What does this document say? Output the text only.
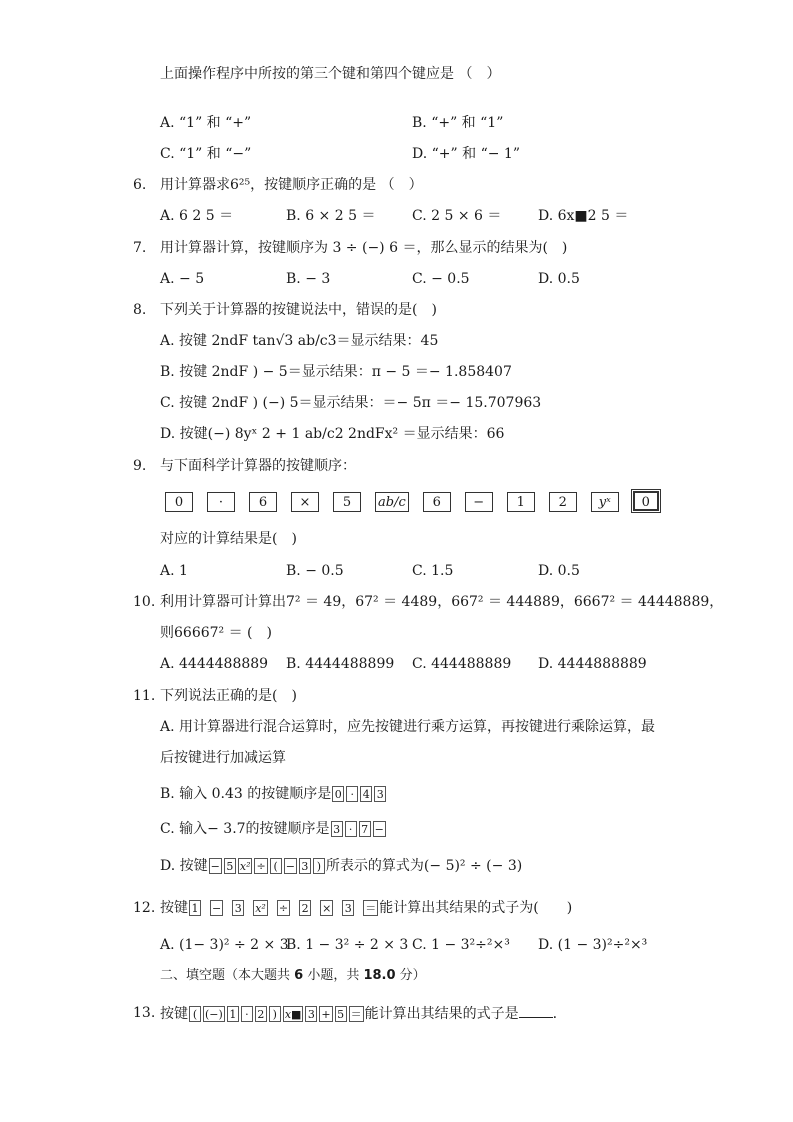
上面操作程序中所按的第三个键和第四个键应是 （　）
A. “1” 和 “+”	B. “+” 和 “1”
C. “1” 和 “−”	D. “+” 和 “− 1”
6. 用计算器求6²⁵，按键顺序正确的是 （　）
A. 6 2 5 ＝	B. 6 × 2 5 ＝	C. 2 5 × 6 ＝	D. 6x■2 5 ＝
7. 用计算器计算，按键顺序为 3 ÷ (−) 6 ＝，那么显示的结果为(　)
A. − 5	B. − 3	C. − 0.5	D. 0.5
8. 下列关于计算器的按键说法中，错误的是(　)
A. 按键 2ndF tan√3 ab/c3＝显示结果：45
B. 按键 2ndF ) − 5＝显示结果：π − 5 ＝− 1.858407
C. 按键 2ndF ) (−) 5＝显示结果：＝− 5π ＝− 15.707963
D. 按键(−) 8yˣ 2 + 1 ab/c2 2ndFx² ＝显示结果：66
9. 与下面科学计算器的按键顺序：
0	·	6 × 5 ab/c 6 − 1	2 yˣ 0
对应的计算结果是(　)
A. 1	B. − 0.5	C. 1.5	D. 0.5
10. 利用计算器可计算出7² ＝ 49，67² ＝ 4489，667² ＝ 444889，6667² ＝ 44448889，
则66667² ＝ (　)
A. 4444488889 B. 4444488899 C. 444488889 D. 4444888889
11. 下列说法正确的是(　)
A. 用计算器进行混合运算时，应先按键进行乘方运算，再按键进行乘除运算，最
后按键进行加减运算
B. 输入 0.43 的按键顺序是 0 · 4 3
C. 输入− 3.7的按键顺序是 3 · 7 −
D. 按键 − 5 x² ÷ ( − 3 ) 所表示的算式为(− 5)² ÷ (− 3)
12. 按键 1 − 3 x² ÷ 2 × 3 ＝ 能计算出其结果的式子为(　　)
A. (1− 3)² ÷ 2 × 3
B. 1 − 3² ÷ 2 × 3 C. 1 − 3²÷²×³ D. (1 − 3)²÷²×³
二、填空题（本大题共 6 小题，共 18.0 分）
13. 按键 ( (−) 1 · 2 ) x■ 3 + 5 ＝ 能计算出其结果的式子是 .
